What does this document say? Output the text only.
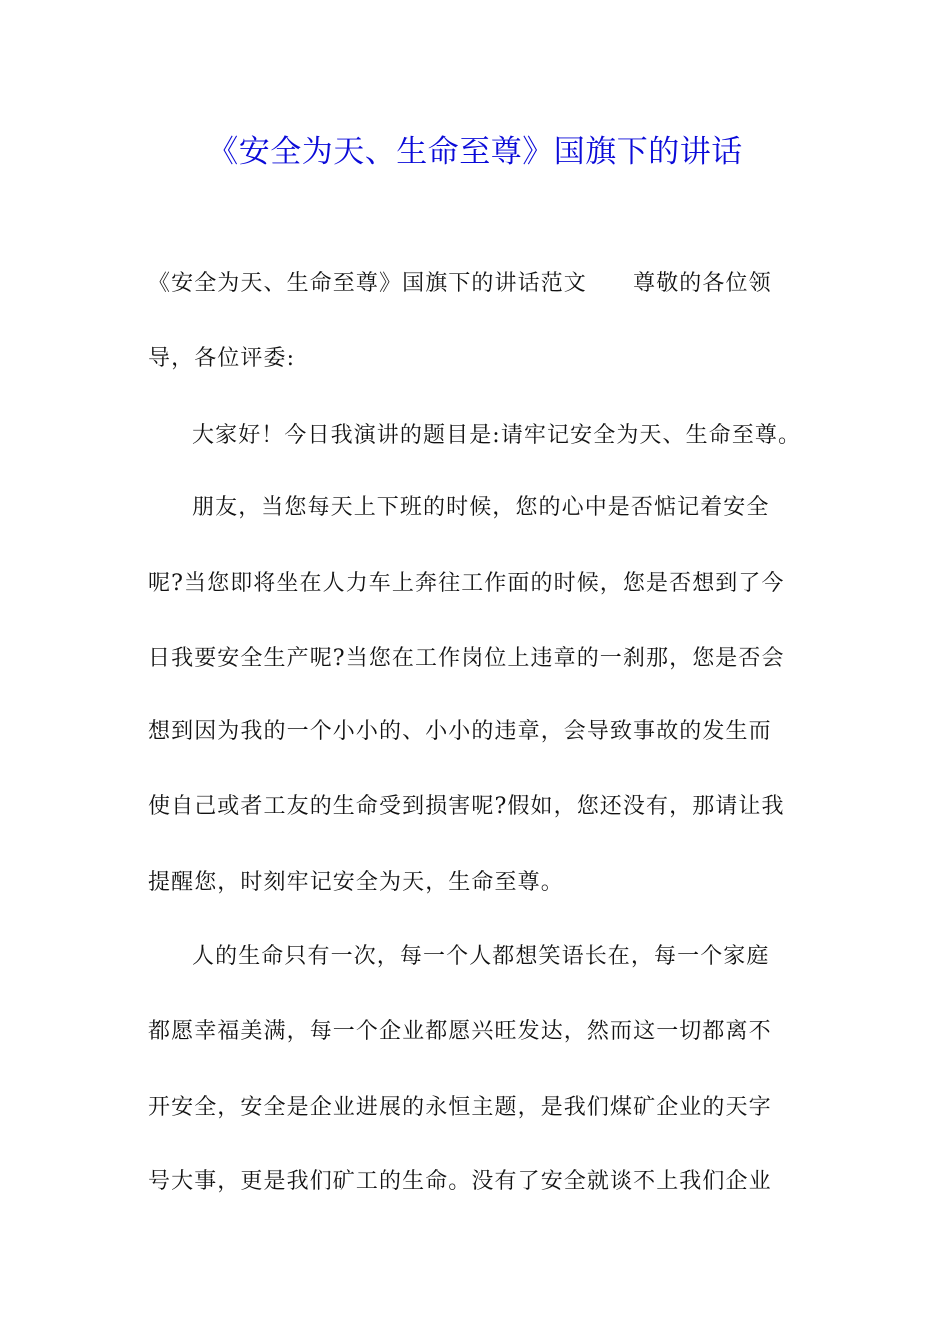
《安全为天、生命至尊》国旗下的讲话
《安全为天、生命至尊》国旗下的讲话范文　　尊敬的各位领
导，各位评委:
大家好！今日我演讲的题目是:请牢记安全为天、生命至尊。
朋友，当您每天上下班的时候，您的心中是否惦记着安全
呢?当您即将坐在人力车上奔往工作面的时候，您是否想到了今
日我要安全生产呢?当您在工作岗位上违章的一刹那，您是否会
想到因为我的一个小小的、小小的违章，会导致事故的发生而
使自己或者工友的生命受到损害呢?假如，您还没有，那请让我
提醒您，时刻牢记安全为天，生命至尊。
人的生命只有一次，每一个人都想笑语长在，每一个家庭
都愿幸福美满，每一个企业都愿兴旺发达，然而这一切都离不
开安全，安全是企业进展的永恒主题，是我们煤矿企业的天字
号大事，更是我们矿工的生命。没有了安全就谈不上我们企业
